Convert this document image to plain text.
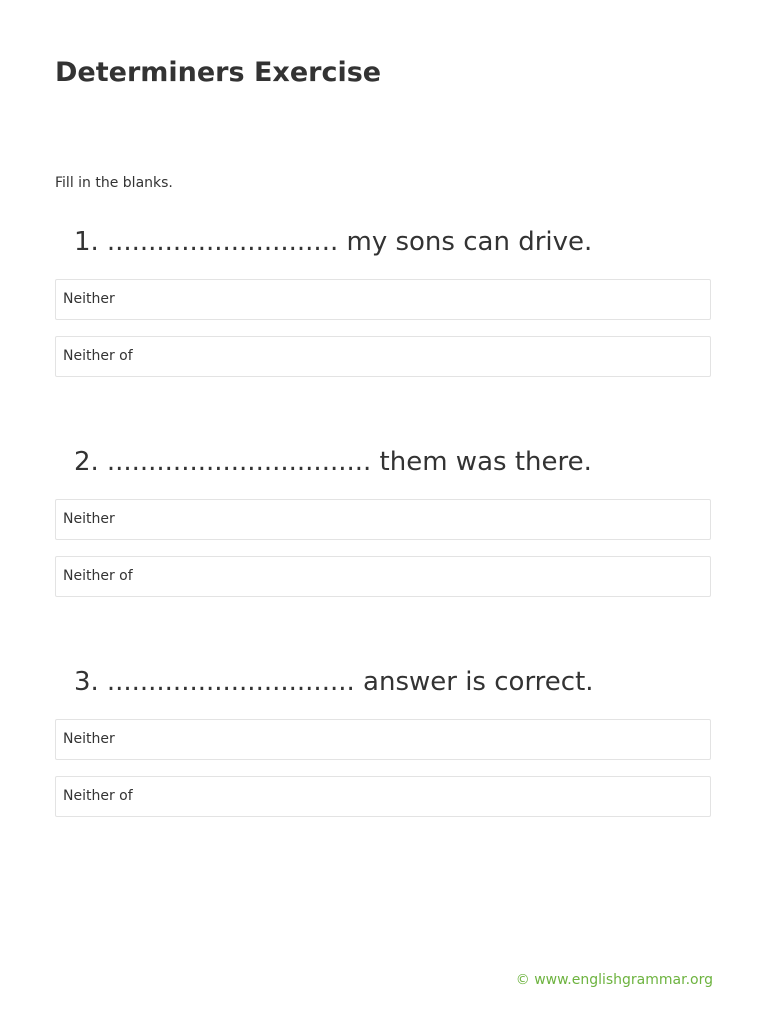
Determiners Exercise
Fill in the blanks.
1. ............................ my sons can drive.
Neither
Neither of
2. ................................ them was there.
Neither
Neither of
3. .............................. answer is correct.
Neither
Neither of
© www.englishgrammar.org
